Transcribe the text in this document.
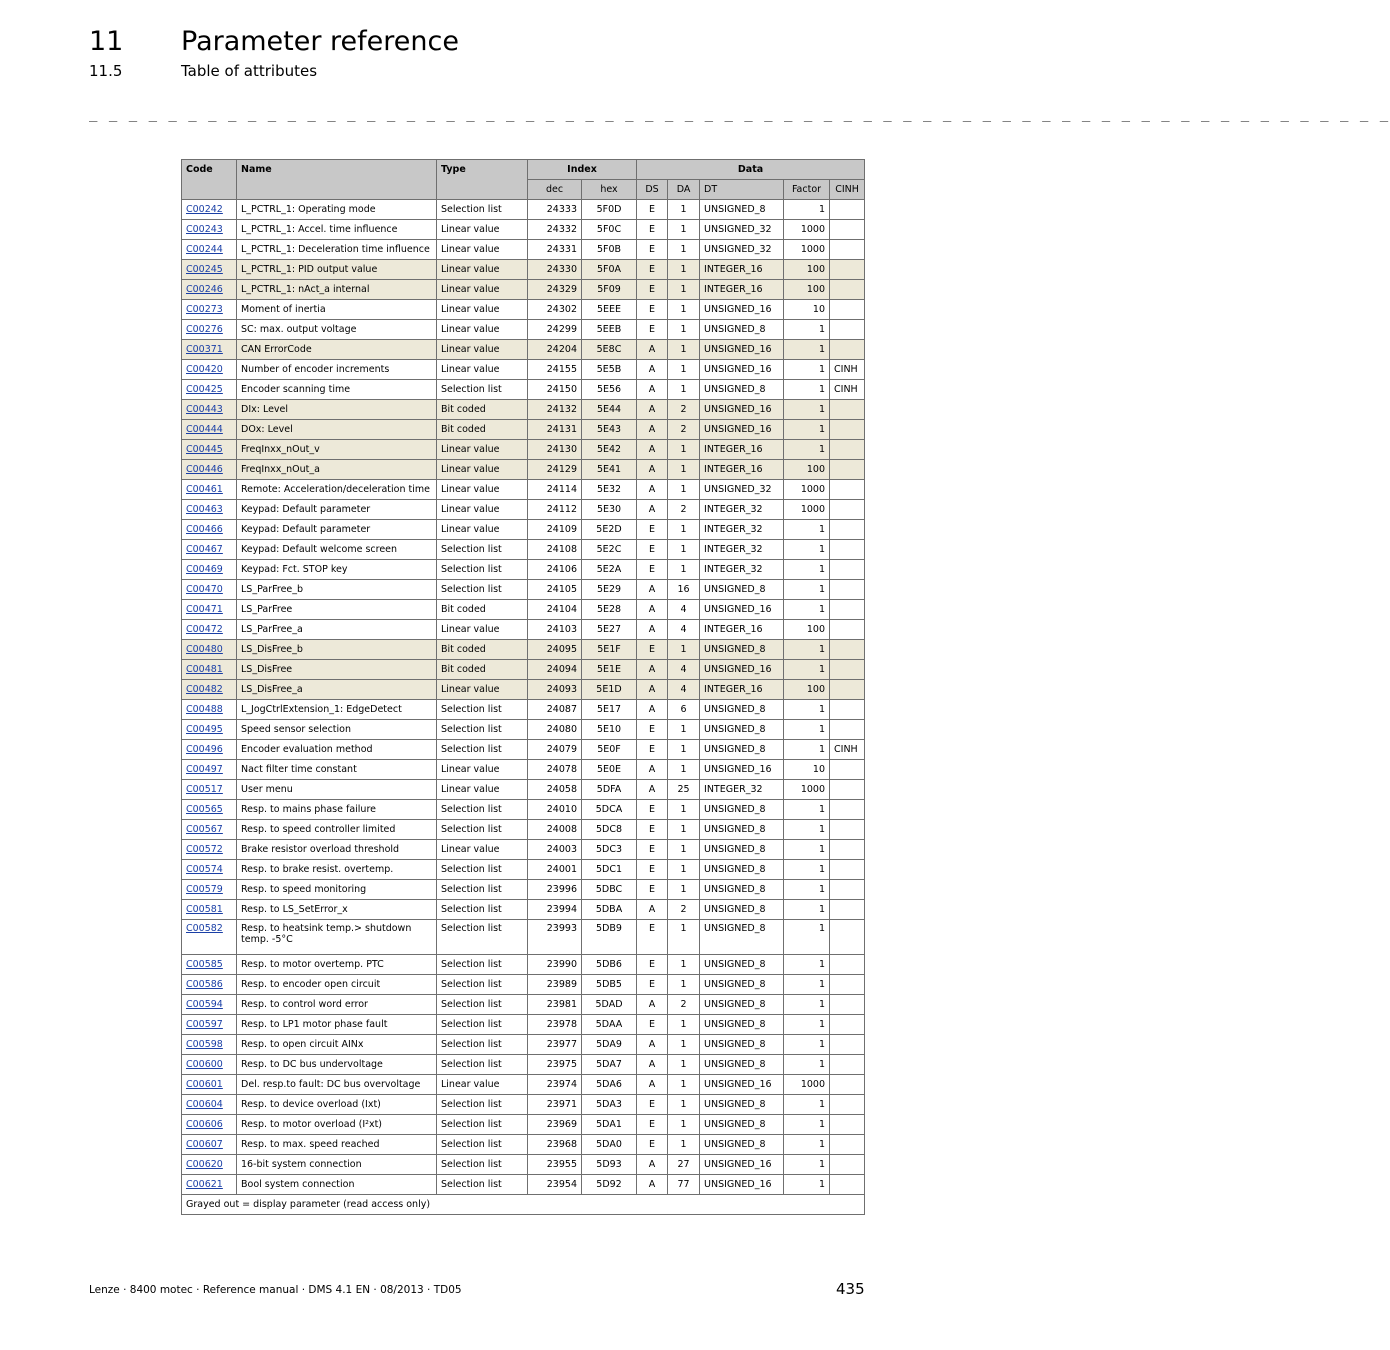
11 Parameter reference
11.5	Table of attributes
_ _ _ _ _ _ _ _ _ _ _ _ _ _ _ _ _ _ _ _ _ _ _ _ _ _ _ _ _ _ _ _ _ _ _ _ _ _ _ _ _ _ _ _ _ _ _ _ _ _ _ _ _ _ _ _ _ _ _ _ _ _ _ _ _ _
Code	Name	Type	Index		Data				
			dec	hex	DS	DA	DT	Factor	CINH
C00242	L_PCTRL_1: Operating mode	Selection list	24333	5F0D	E	1	UNSIGNED_8	1	
C00243	L_PCTRL_1: Accel. time influence	Linear value	24332	5F0C	E	1	UNSIGNED_32	1000	
C00244	L_PCTRL_1: Deceleration time influence	Linear value	24331	5F0B	E	1	UNSIGNED_32	1000	
C00245	L_PCTRL_1: PID output value	Linear value	24330	5F0A	E	1	INTEGER_16	100	
C00246	L_PCTRL_1: nAct_a internal	Linear value	24329	5F09	E	1	INTEGER_16	100	
C00273	Moment of inertia	Linear value	24302	5EEE	E	1	UNSIGNED_16	10	
C00276	SC: max. output voltage	Linear value	24299	5EEB	E	1	UNSIGNED_8	1	
C00371	CAN ErrorCode	Linear value	24204	5E8C	A	1	UNSIGNED_16	1	
C00420	Number of encoder increments	Linear value	24155	5E5B	A	1	UNSIGNED_16	1	CINH
C00425	Encoder scanning time	Selection list	24150	5E56	A	1	UNSIGNED_8	1	CINH
C00443	DIx: Level	Bit coded	24132	5E44	A	2	UNSIGNED_16	1	
C00444	DOx: Level	Bit coded	24131	5E43	A	2	UNSIGNED_16	1	
C00445	FreqInxx_nOut_v	Linear value	24130	5E42	A	1	INTEGER_16	1	
C00446	FreqInxx_nOut_a	Linear value	24129	5E41	A	1	INTEGER_16	100	
C00461	Remote: Acceleration/deceleration time	Linear value	24114	5E32	A	1	UNSIGNED_32	1000	
C00463	Keypad: Default parameter	Linear value	24112	5E30	A	2	INTEGER_32	1000	
C00466	Keypad: Default parameter	Linear value	24109	5E2D	E	1	INTEGER_32	1	
C00467	Keypad: Default welcome screen	Selection list	24108	5E2C	E	1	INTEGER_32	1	
C00469	Keypad: Fct. STOP key	Selection list	24106	5E2A	E	1	INTEGER_32	1	
C00470	LS_ParFree_b	Selection list	24105	5E29	A	16	UNSIGNED_8	1	
C00471	LS_ParFree	Bit coded	24104	5E28	A	4	UNSIGNED_16	1	
C00472	LS_ParFree_a	Linear value	24103	5E27	A	4	INTEGER_16	100	
C00480	LS_DisFree_b	Bit coded	24095	5E1F	E	1	UNSIGNED_8	1	
C00481	LS_DisFree	Bit coded	24094	5E1E	A	4	UNSIGNED_16	1	
C00482	LS_DisFree_a	Linear value	24093	5E1D	A	4	INTEGER_16	100	
C00488	L_JogCtrlExtension_1: EdgeDetect	Selection list	24087	5E17	A	6	UNSIGNED_8	1	
C00495	Speed sensor selection	Selection list	24080	5E10	E	1	UNSIGNED_8	1	
C00496	Encoder evaluation method	Selection list	24079	5E0F	E	1	UNSIGNED_8	1	CINH
C00497	Nact filter time constant	Linear value	24078	5E0E	A	1	UNSIGNED_16	10	
C00517	User menu	Linear value	24058	5DFA	A	25	INTEGER_32	1000	
C00565	Resp. to mains phase failure	Selection list	24010	5DCA	E	1	UNSIGNED_8	1	
C00567	Resp. to speed controller limited	Selection list	24008	5DC8	E	1	UNSIGNED_8	1	
C00572	Brake resistor overload threshold	Linear value	24003	5DC3	E	1	UNSIGNED_8	1	
C00574	Resp. to brake resist. overtemp.	Selection list	24001	5DC1	E	1	UNSIGNED_8	1	
C00579	Resp. to speed monitoring	Selection list	23996	5DBC	E	1	UNSIGNED_8	1	
C00581	Resp. to LS_SetError_x	Selection list	23994	5DBA	A	2	UNSIGNED_8	1	
C00582	Resp. to heatsink temp.> shutdown temp. -5°C	Selection list	23993	5DB9	E	1	UNSIGNED_8	1	
C00585	Resp. to motor overtemp. PTC	Selection list	23990	5DB6	E	1	UNSIGNED_8	1	
C00586	Resp. to encoder open circuit	Selection list	23989	5DB5	E	1	UNSIGNED_8	1	
C00594	Resp. to control word error	Selection list	23981	5DAD	A	2	UNSIGNED_8	1	
C00597	Resp. to LP1 motor phase fault	Selection list	23978	5DAA	E	1	UNSIGNED_8	1	
C00598	Resp. to open circuit AINx	Selection list	23977	5DA9	A	1	UNSIGNED_8	1	
C00600	Resp. to DC bus undervoltage	Selection list	23975	5DA7	A	1	UNSIGNED_8	1	
C00601	Del. resp.to fault: DC bus overvoltage	Linear value	23974	5DA6	A	1	UNSIGNED_16	1000	
C00604	Resp. to device overload (Ixt)	Selection list	23971	5DA3	E	1	UNSIGNED_8	1	
C00606	Resp. to motor overload (I²xt)	Selection list	23969	5DA1	E	1	UNSIGNED_8	1	
C00607	Resp. to max. speed reached	Selection list	23968	5DA0	E	1	UNSIGNED_8	1	
C00620	16-bit system connection	Selection list	23955	5D93	A	27	UNSIGNED_16	1	
C00621	Bool system connection	Selection list	23954	5D92	A	77	UNSIGNED_16	1	
Grayed out = display parameter (read access only)									
Lenze · 8400 motec · Reference manual · DMS 4.1 EN · 08/2013 · TD05	435
